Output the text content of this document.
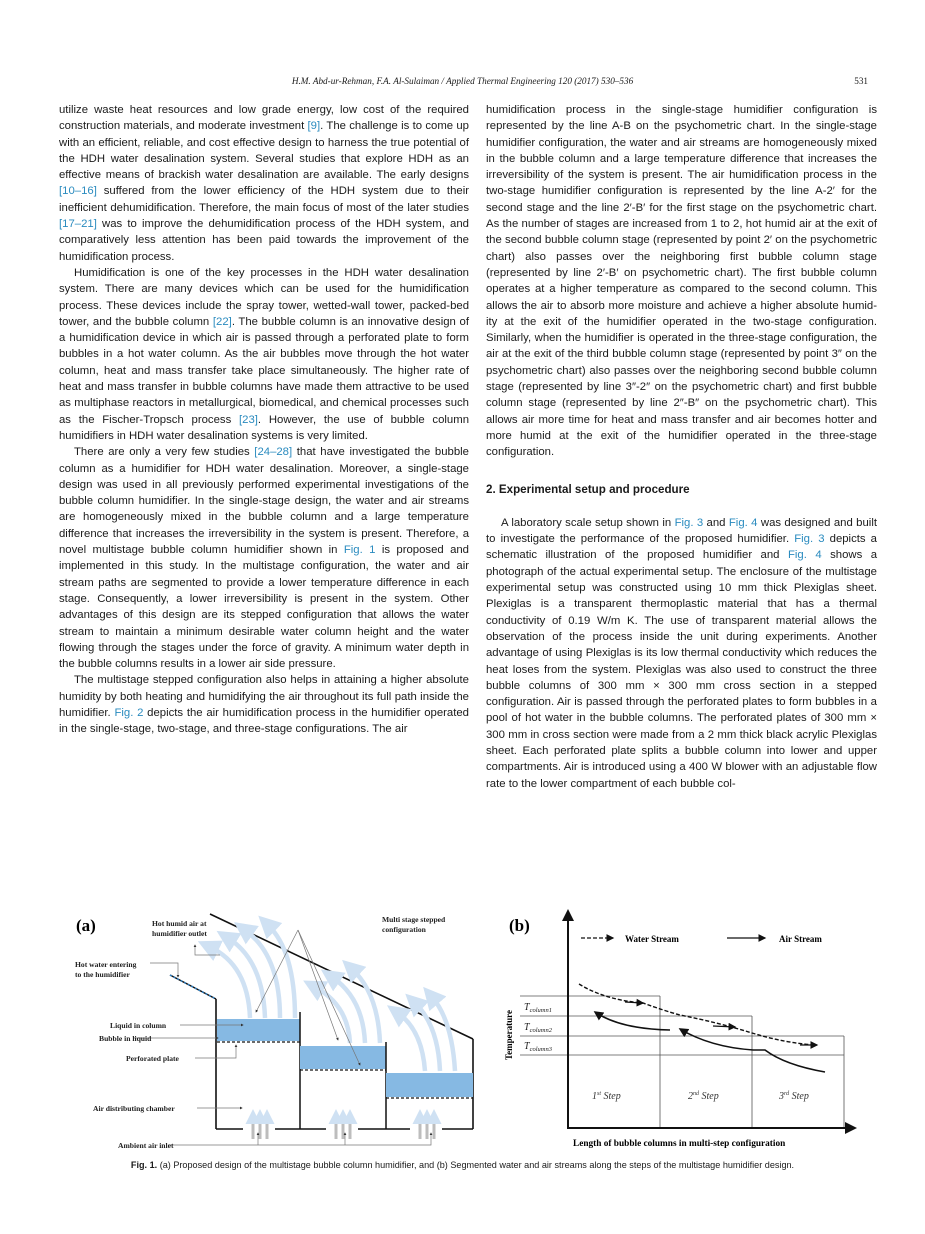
H.M. Abd-ur-Rehman, F.A. Al-Sulaiman / Applied Thermal Engineering 120 (2017) 530–536	531

utilize waste heat resources and low grade energy, low cost of the required construction materials, and moderate investment [9]. The challenge is to come up with an efficient, reliable, and cost effective design to harness the true potential of the HDH water desalination system. Several studies that explore HDH as an effective means of brackish water desalination are available. The early designs [10–16] suffered from the lower efficiency of the HDH system due to their inefficient dehumidification. Therefore, the main focus of most of the later studies [17–21] was to improve the dehumidification process of the HDH system, and comparatively less attention has been paid towards the improvement of the humidification process.

Humidification is one of the key processes in the HDH water desalination system. There are many devices which can be used for the humidification process. These devices include the spray tower, wetted-wall tower, packed-bed tower, and the bubble column [22]. The bubble column is an innovative design of a humidification device in which air is passed through a perforated plate to form bubbles in a hot water column. As the air bubbles move through the hot water column, heat and mass transfer take place simultaneously. The higher rate of heat and mass transfer in bubble columns have made them attractive to be used as multiphase reactors in metallurgical, biomedical, and chemical processes such as the Fischer-Tropsch process [23]. However, the use of bubble column humidifiers in HDH water desalination systems is very limited.

There are only a very few studies [24–28] that have investigated the bubble column as a humidifier for HDH water desalination. Moreover, a single-stage design was used in all previously performed experimental investigations of the bubble column humidifier. In the single-stage design, the water and air streams are homogeneously mixed in the bubble column and a large temperature difference that increases the irreversibility in the system is present. Therefore, a novel multistage bubble column humidifier shown in Fig. 1 is proposed and implemented in this study. In the multistage configuration, the water and air stream paths are segmented to provide a lower temperature difference in each stage. Consequently, a lower irreversibility is present in the system. Other advantages of this design are its stepped configuration that allows the water stream to maintain a minimum desirable water column height and the water flowing through the stages under the force of gravity. A minimum water depth in the bubble columns results in a lower air side pressure.

The multistage stepped configuration also helps in attaining a higher absolute humidity by both heating and humidifying the air throughout its full path inside the humidifier. Fig. 2 depicts the air humidification process in the humidifier operated in the single-stage, two-stage, and three-stage configurations. The air

humidification process in the single-stage humidifier configuration is represented by the line A-B on the psychometric chart. In the single-stage humidifier configuration, the water and air streams are homogeneously mixed in the bubble column and a large temperature difference that increases the irreversibility of the system is present. The air humidification process in the two-stage humidifier configuration is represented by the line A-2′ for the second stage and the line 2′-B′ for the first stage on the psychometric chart. As the number of stages are increased from 1 to 2, hot humid air at the exit of the second bubble column stage (represented by point 2′ on the psychometric chart) also passes over the neighboring first bubble column stage (represented by line 2′-B′ on psychometric chart). The first bubble column operates at a higher temperature as compared to the second column. This allows the air to absorb more moisture and achieve a higher absolute humidity at the exit of the humidifier operated in the two-stage configuration. Similarly, when the humidifier is operated in the three-stage configuration, the air at the exit of the third bubble column stage (represented by point 3″ on the psychometric chart) also passes over the neighboring second bubble column stage (represented by line 3″-2″ on the psychometric chart) and first bubble column stage (represented by line 2″-B″ on the psychometric chart). This allows air more time for heat and mass transfer and air becomes hotter and more humid at the exit of the humidifier operated in the three-stage configuration.

2. Experimental setup and procedure

A laboratory scale setup shown in Fig. 3 and Fig. 4 was designed and built to investigate the performance of the proposed humidifier. Fig. 3 depicts a schematic illustration of the proposed humidifier and Fig. 4 shows a photograph of the actual experimental setup. The enclosure of the multistage experimental setup was constructed using 10 mm thick Plexiglas sheet. Plexiglas is a transparent thermoplastic material that has a thermal conductivity of 0.19 W/m K. The use of transparent material allows the observation of the process inside the unit during experiments. Another advantage of using Plexiglas is its low thermal conductivity which reduces the heat loses from the system. Plexiglas was also used to construct the three bubble columns of 300 mm × 300 mm cross section in a stepped configuration. Air is passed through the perforated plates to form bubbles in a pool of hot water in the bubble columns. The perforated plates of 300 mm × 300 mm in cross section were made from a 2 mm thick black acrylic Plexiglas sheet. Each perforated plate splits a bubble column into lower and upper compartments. Air is introduced using a 400 W blower with an adjustable flow rate to the lower compartment of each bubble col-

(a)	Hot humid air at
humidifier outlet
Hot water entering
to the humidifier
Multi stage stepped
configuration
Liquid in column
Bubble in liquid
Perforated plate
Air distributing chamber
Ambient air inlet
(b)
Water Stream	Air Stream
$T_{column1}$
$T_{column2}$
$T_{column3}$
Temperature
1st Step	2nd Step	3rd Step
Length of bubble columns in multi-step configuration
Fig. 1. (a) Proposed design of the multistage bubble column humidifier, and (b) Segmented water and air streams along the steps of the multistage humidifier design.
